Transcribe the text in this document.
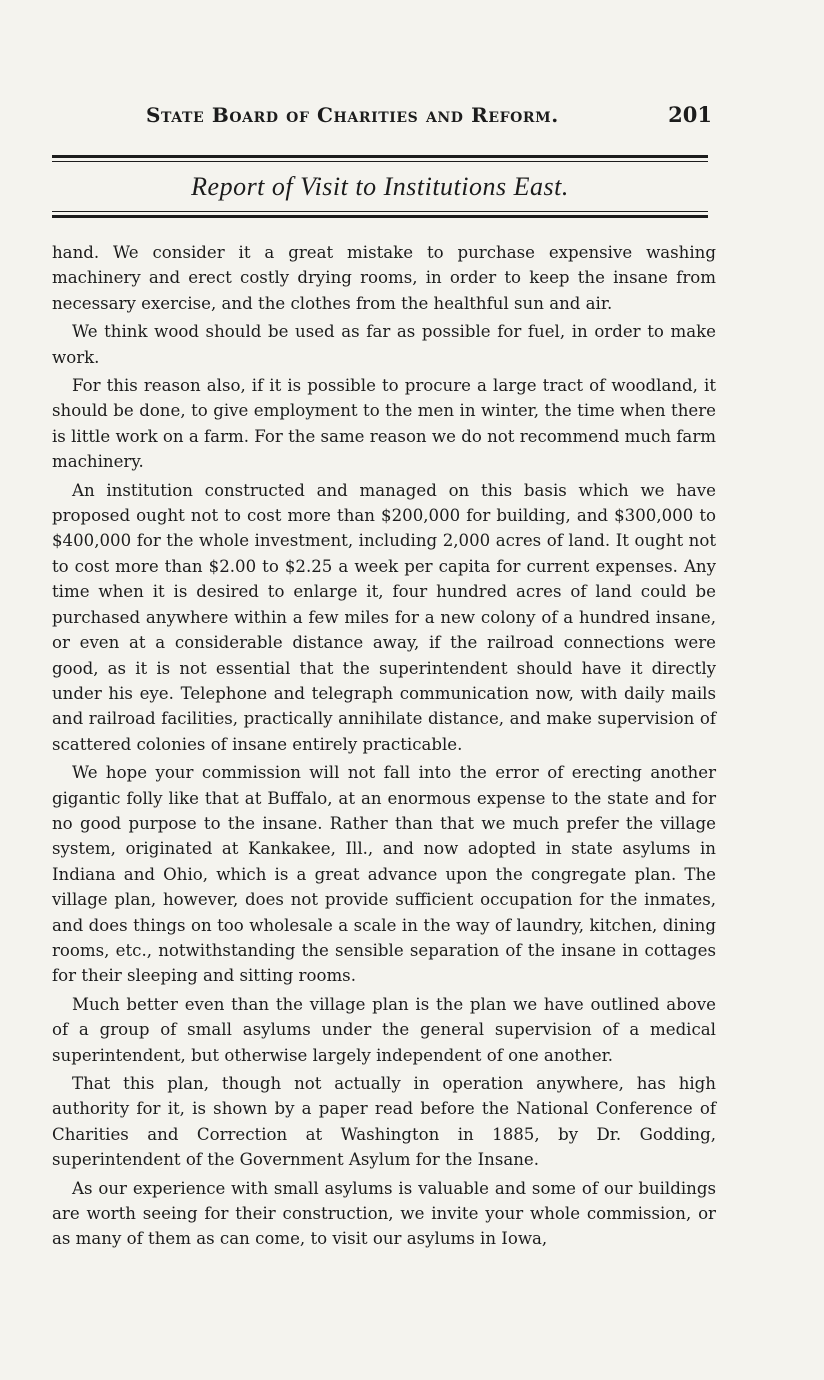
State Board of Charities and Reform.	201
Report of Visit to Institutions East.

hand. We consider it a great mistake to purchase expensive washing machinery and erect costly drying rooms, in order to keep the insane from necessary exercise, and the clothes from the healthful sun and air.

We think wood should be used as far as possible for fuel, in order to make work.

For this reason also, if it is possible to procure a large tract of woodland, it should be done, to give employment to the men in winter, the time when there is little work on a farm. For the same reason we do not recommend much farm machinery.

An institution constructed and managed on this basis which we have proposed ought not to cost more than $200,000 for building, and $300,000 to $400,000 for the whole investment, including 2,000 acres of land. It ought not to cost more than $2.00 to $2.25 a week per capita for current expenses. Any time when it is desired to enlarge it, four hundred acres of land could be purchased anywhere within a few miles for a new colony of a hundred insane, or even at a considerable distance away, if the railroad connections were good, as it is not essential that the superintendent should have it directly under his eye. Telephone and telegraph communication now, with daily mails and railroad facilities, practically annihilate distance, and make supervision of scattered colonies of insane entirely practicable.

We hope your commission will not fall into the error of erecting another gigantic folly like that at Buffalo, at an enormous expense to the state and for no good purpose to the insane. Rather than that we much prefer the village system, originated at Kankakee, Ill., and now adopted in state asylums in Indiana and Ohio, which is a great advance upon the congregate plan. The village plan, however, does not provide sufficient occupation for the inmates, and does things on too wholesale a scale in the way of laundry, kitchen, dining rooms, etc., notwithstanding the sensible separation of the insane in cottages for their sleeping and sitting rooms.

Much better even than the village plan is the plan we have outlined above of a group of small asylums under the general supervision of a medical superintendent, but otherwise largely independent of one another.

That this plan, though not actually in operation anywhere, has high authority for it, is shown by a paper read before the National Conference of Charities and Correction at Washington in 1885, by Dr. Godding, superintendent of the Government Asylum for the Insane.

As our experience with small asylums is valuable and some of our buildings are worth seeing for their construction, we invite your whole commission, or as many of them as can come, to visit our asylums in Iowa,
